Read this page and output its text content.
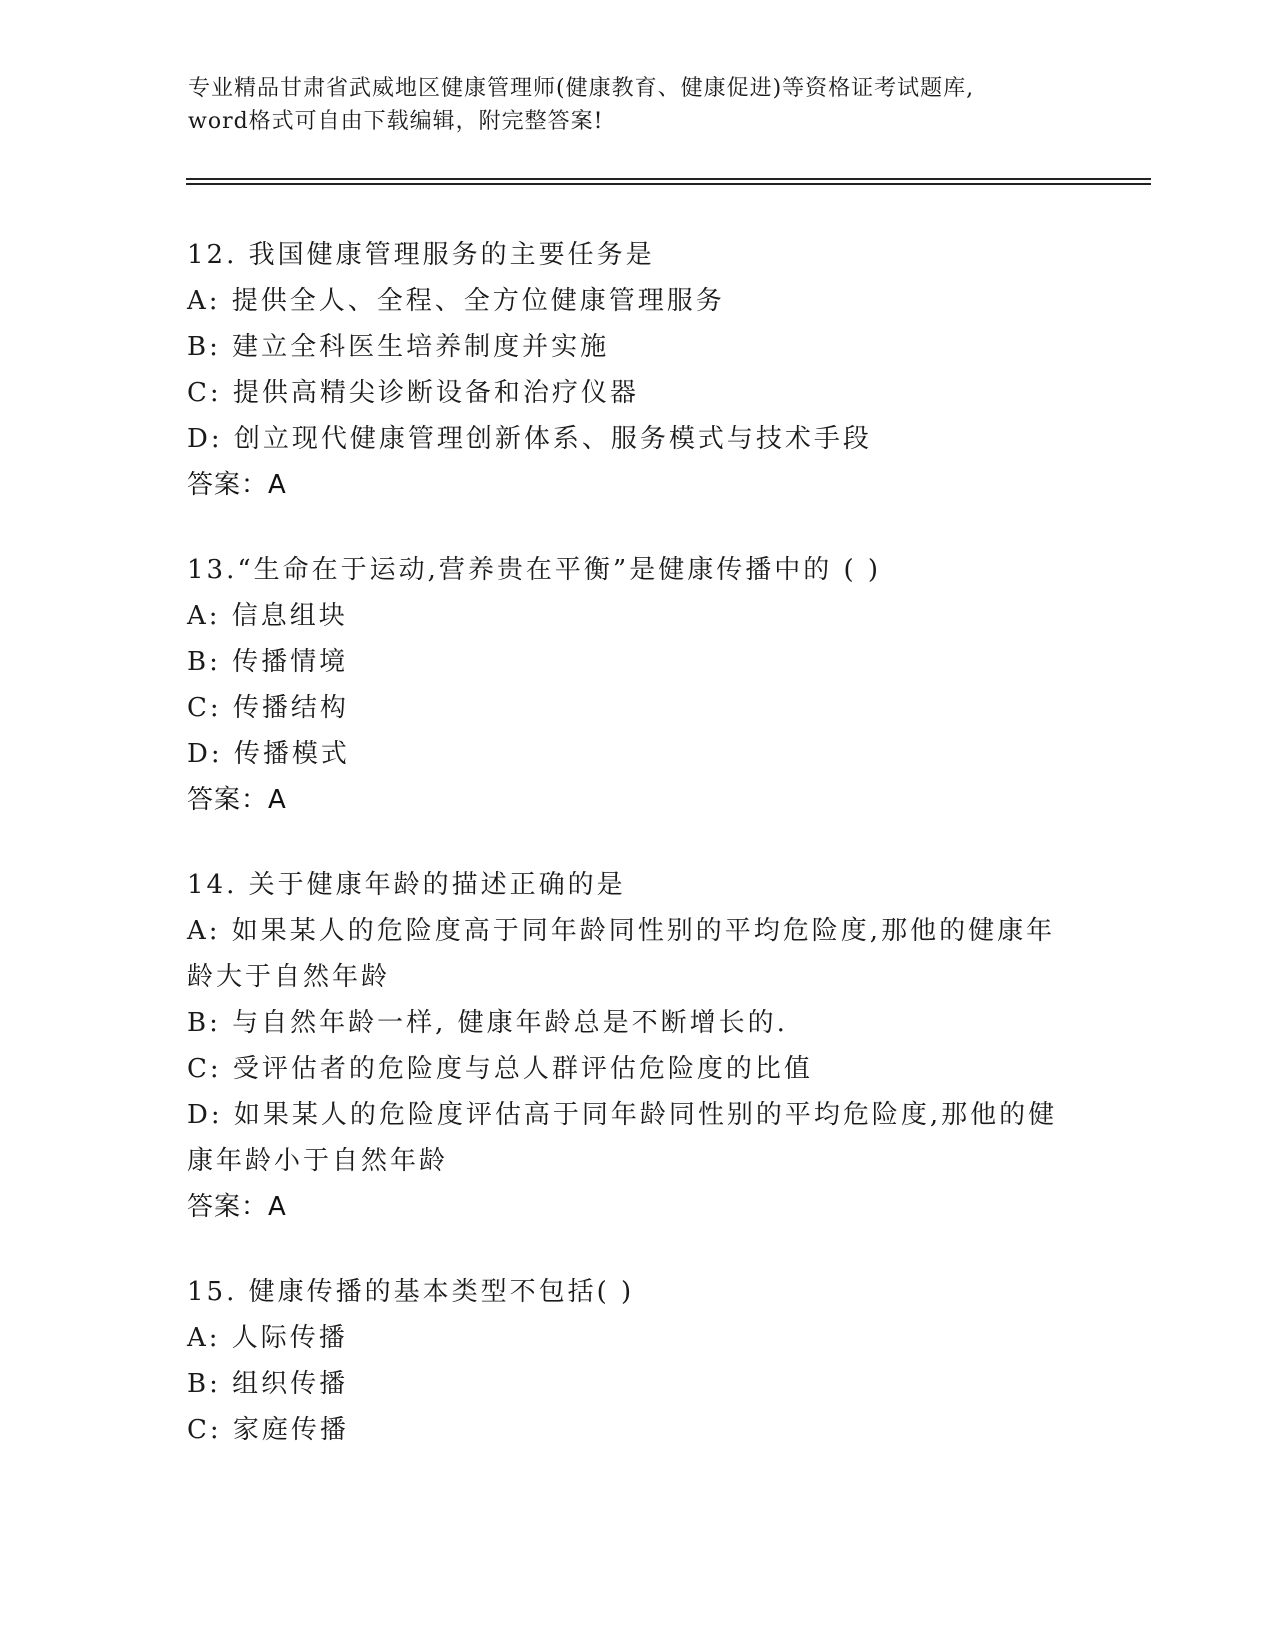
专业精品甘肃省武威地区健康管理师(健康教育、健康促进)等资格证考试题库,
word格式可自由下载编辑，附完整答案!
12. 我国健康管理服务的主要任务是
A: 提供全人、全程、全方位健康管理服务
B: 建立全科医生培养制度并实施
C: 提供高精尖诊断设备和治疗仪器
D: 创立现代健康管理创新体系、服务模式与技术手段
答案：A
13.“生命在于运动,营养贵在平衡”是健康传播中的 ( )
A: 信息组块
B: 传播情境
C: 传播结构
D: 传播模式
答案：A
14. 关于健康年龄的描述正确的是
A: 如果某人的危险度高于同年龄同性别的平均危险度,那他的健康年龄大于自然年龄
B: 与自然年龄一样, 健康年龄总是不断增长的.
C: 受评估者的危险度与总人群评估危险度的比值
D: 如果某人的危险度评估高于同年龄同性别的平均危险度,那他的健康年龄小于自然年龄
答案：A
15. 健康传播的基本类型不包括( )
A: 人际传播
B: 组织传播
C: 家庭传播
